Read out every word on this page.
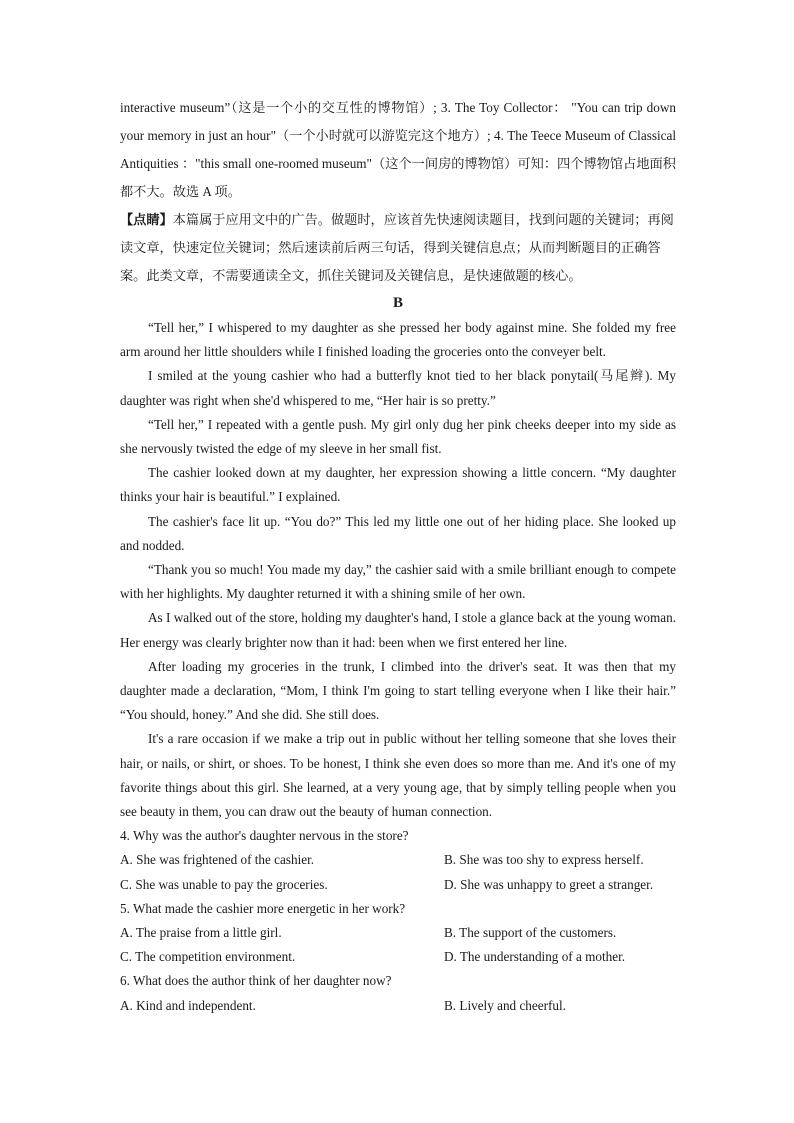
interactive museum”（这是一个小的交互性的博物馆）; 3. The Toy Collector： "You can trip down your memory in just an hour"（一个小时就可以游览完这个地方）; 4. The Teece Museum of Classical Antiquities ："this small one-roomed museum"（这个一间房的博物馆）可知：四个博物馆占地面积都不大。故选 A 项。

【点睛】本篇属于应用文中的广告。做题时，应该首先快速阅读题目，找到问题的关键词；再阅读文章，快速定位关键词；然后速读前后两三句话，得到关键信息点；从而判断题目的正确答案。此类文章，不需要通读全文，抓住关键词及关键信息，是快速做题的核心。

B

“Tell her,” I whispered to my daughter as she pressed her body against mine. She folded my free arm around her little shoulders while I finished loading the groceries onto the conveyer belt.

I smiled at the young cashier who had a butterfly knot tied to her black ponytail(马尾辫). My daughter was right when she'd whispered to me, “Her hair is so pretty.”

“Tell her,” I repeated with a gentle push. My girl only dug her pink cheeks deeper into my side as she nervously twisted the edge of my sleeve in her small fist.

The cashier looked down at my daughter, her expression showing a little concern. “My daughter thinks your hair is beautiful.” I explained.

The cashier's face lit up. “You do?” This led my little one out of her hiding place. She looked up and nodded.

“Thank you so much! You made my day,” the cashier said with a smile brilliant enough to compete with her highlights. My daughter returned it with a shining smile of her own.

As I walked out of the store, holding my daughter's hand, I stole a glance back at the young woman. Her energy was clearly brighter now than it had: been when we first entered her line.

After loading my groceries in the trunk, I climbed into the driver's seat. It was then that my daughter made a declaration, “Mom, I think I'm going to start telling everyone when I like their hair.” “You should, honey.” And she did. She still does.

It's a rare occasion if we make a trip out in public without her telling someone that she loves their hair, or nails, or shirt, or shoes. To be honest, I think she even does so more than me. And it's one of my favorite things about this girl. She learned, at a very young age, that by simply telling people when you see beauty in them, you can draw out the beauty of human connection.

4. Why was the author's daughter nervous in the store?

A. She was frightened of the cashier.	B. She was too shy to express herself.

C. She was unable to pay the groceries.	D. She was unhappy to greet a stranger.

5. What made the cashier more energetic in her work?

A. The praise from a little girl.	B. The support of the customers.

C. The competition environment.	D. The understanding of a mother.

6. What does the author think of her daughter now?

A. Kind and independent.	B. Lively and cheerful.
